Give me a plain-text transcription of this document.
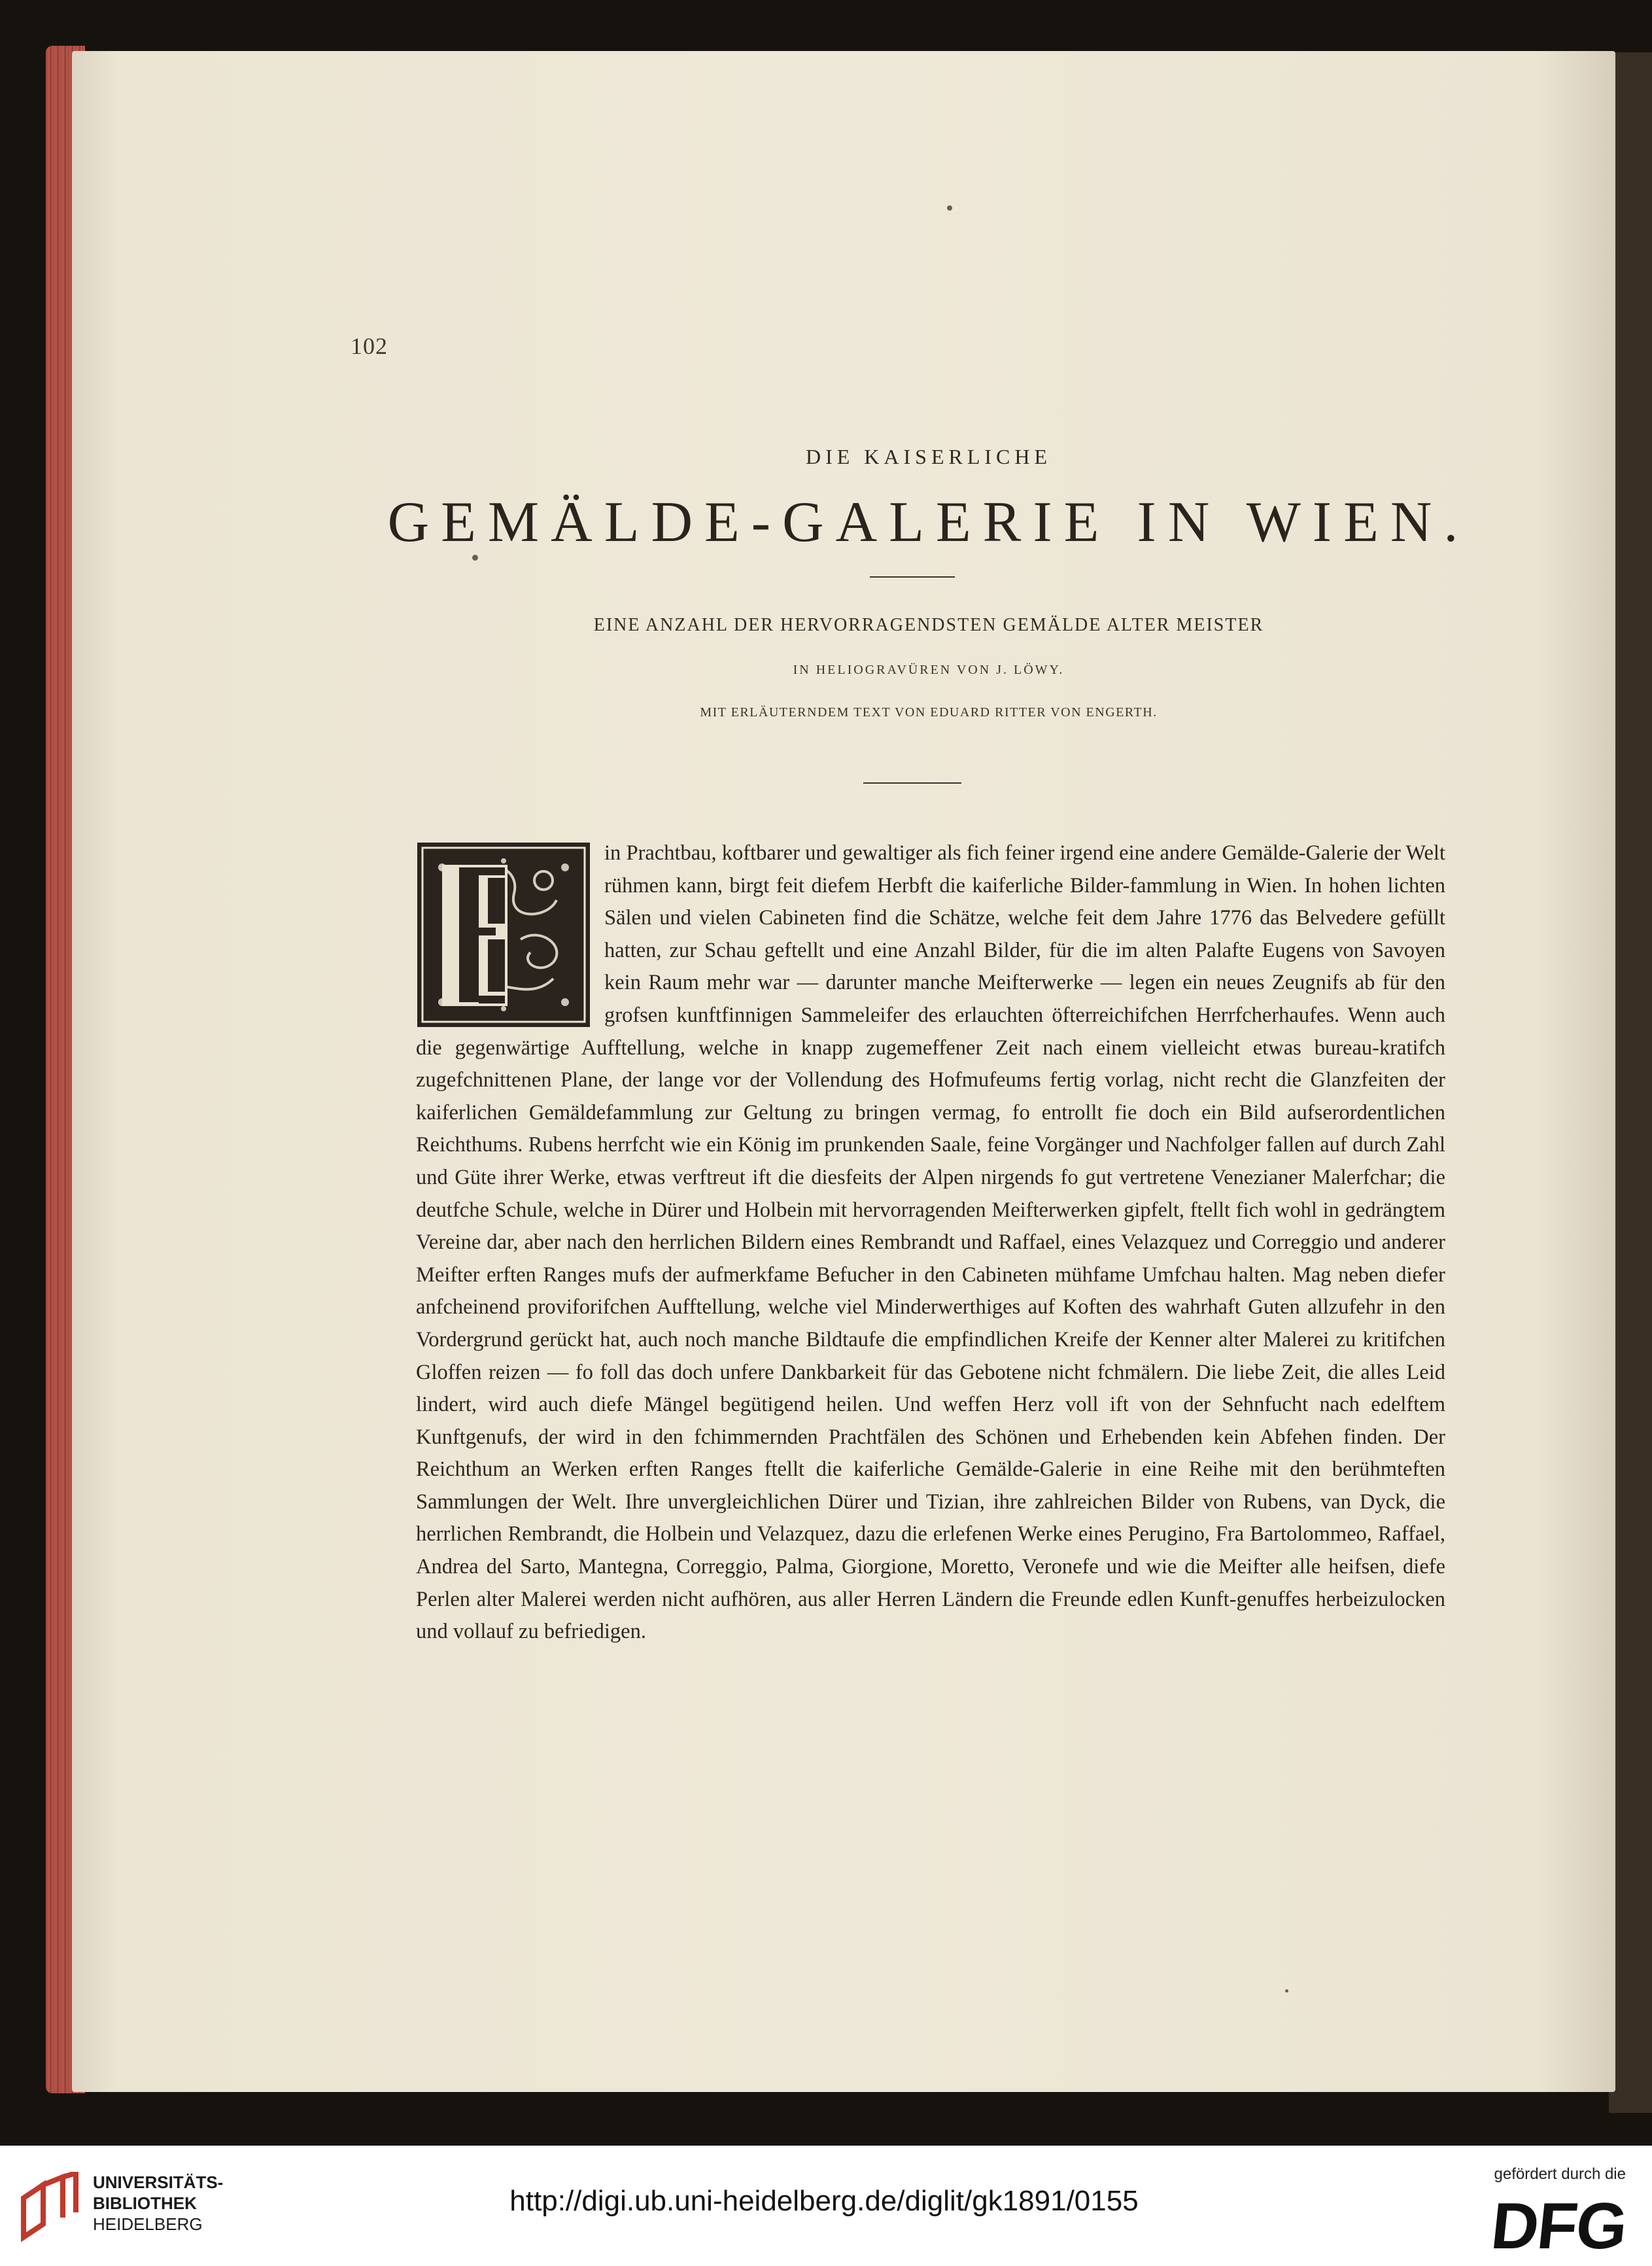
102
DIE KAISERLICHE
GEMÄLDE-GALERIE IN WIEN.
EINE ANZAHL DER HERVORRAGENDSTEN GEMÄLDE ALTER MEISTER
IN HELIOGRAVÜREN VON J. LÖWY.
MIT ERLÄUTERNDEM TEXT VON EDUARD RITTER VON ENGERTH.
in Prachtbau, koftbarer und gewaltiger als fich feiner irgend eine andere Gemälde-Galerie der Welt rühmen kann, birgt feit diefem Herbft die kaiferliche Bilder-fammlung in Wien. In hohen lichten Sälen und vielen Cabineten find die Schätze, welche feit dem Jahre 1776 das Belvedere gefüllt hatten, zur Schau geftellt und eine Anzahl Bilder, für die im alten Palafte Eugens von Savoyen kein Raum mehr war — darunter manche Meifterwerke — legen ein neues Zeugnifs ab für den grofsen kunftfinnigen Sammeleifer des erlauchten öfterreichifchen Herrfcherhaufes. Wenn auch die gegenwärtige Aufftellung, welche in knapp zugemeffener Zeit nach einem vielleicht etwas bureau-kratifch zugefchnittenen Plane, der lange vor der Vollendung des Hofmufeums fertig vorlag, nicht recht die Glanzfeiten der kaiferlichen Gemäldefammlung zur Geltung zu bringen vermag, fo entrollt fie doch ein Bild aufserordentlichen Reichthums. Rubens herrfcht wie ein König im prunkenden Saale, feine Vorgänger und Nachfolger fallen auf durch Zahl und Güte ihrer Werke, etwas verftreut ift die diesfeits der Alpen nirgends fo gut vertretene Venezianer Malerfchar; die deutfche Schule, welche in Dürer und Holbein mit hervorragenden Meifterwerken gipfelt, ftellt fich wohl in gedrängtem Vereine dar, aber nach den herrlichen Bildern eines Rembrandt und Raffael, eines Velazquez und Correggio und anderer Meifter erften Ranges mufs der aufmerkfame Befucher in den Cabineten mühfame Umfchau halten. Mag neben diefer anfcheinend proviforifchen Aufftellung, welche viel Minderwerthiges auf Koften des wahrhaft Guten allzufehr in den Vordergrund gerückt hat, auch noch manche Bildtaufe die empfindlichen Kreife der Kenner alter Malerei zu kritifchen Gloffen reizen — fo foll das doch unfere Dankbarkeit für das Gebotene nicht fchmälern. Die liebe Zeit, die alles Leid lindert, wird auch diefe Mängel begütigend heilen. Und weffen Herz voll ift von der Sehnfucht nach edelftem Kunftgenufs, der wird in den fchimmernden Prachtfälen des Schönen und Erhebenden kein Abfehen finden. Der Reichthum an Werken erften Ranges ftellt die kaiferliche Gemälde-Galerie in eine Reihe mit den berühmteften Sammlungen der Welt. Ihre unvergleichlichen Dürer und Tizian, ihre zahlreichen Bilder von Rubens, van Dyck, die herrlichen Rembrandt, die Holbein und Velazquez, dazu die erlefenen Werke eines Perugino, Fra Bartolommeo, Raffael, Andrea del Sarto, Mantegna, Correggio, Palma, Giorgione, Moretto, Veronefe und wie die Meifter alle heifsen, diefe Perlen alter Malerei werden nicht aufhören, aus aller Herren Ländern die Freunde edlen Kunft-genuffes herbeizulocken und vollauf zu befriedigen.
UNIVERSITÄTS-
BIBLIOTHEK
HEIDELBERG
http://digi.ub.uni-heidelberg.de/diglit/gk1891/0155
gefördert durch die
DFG
